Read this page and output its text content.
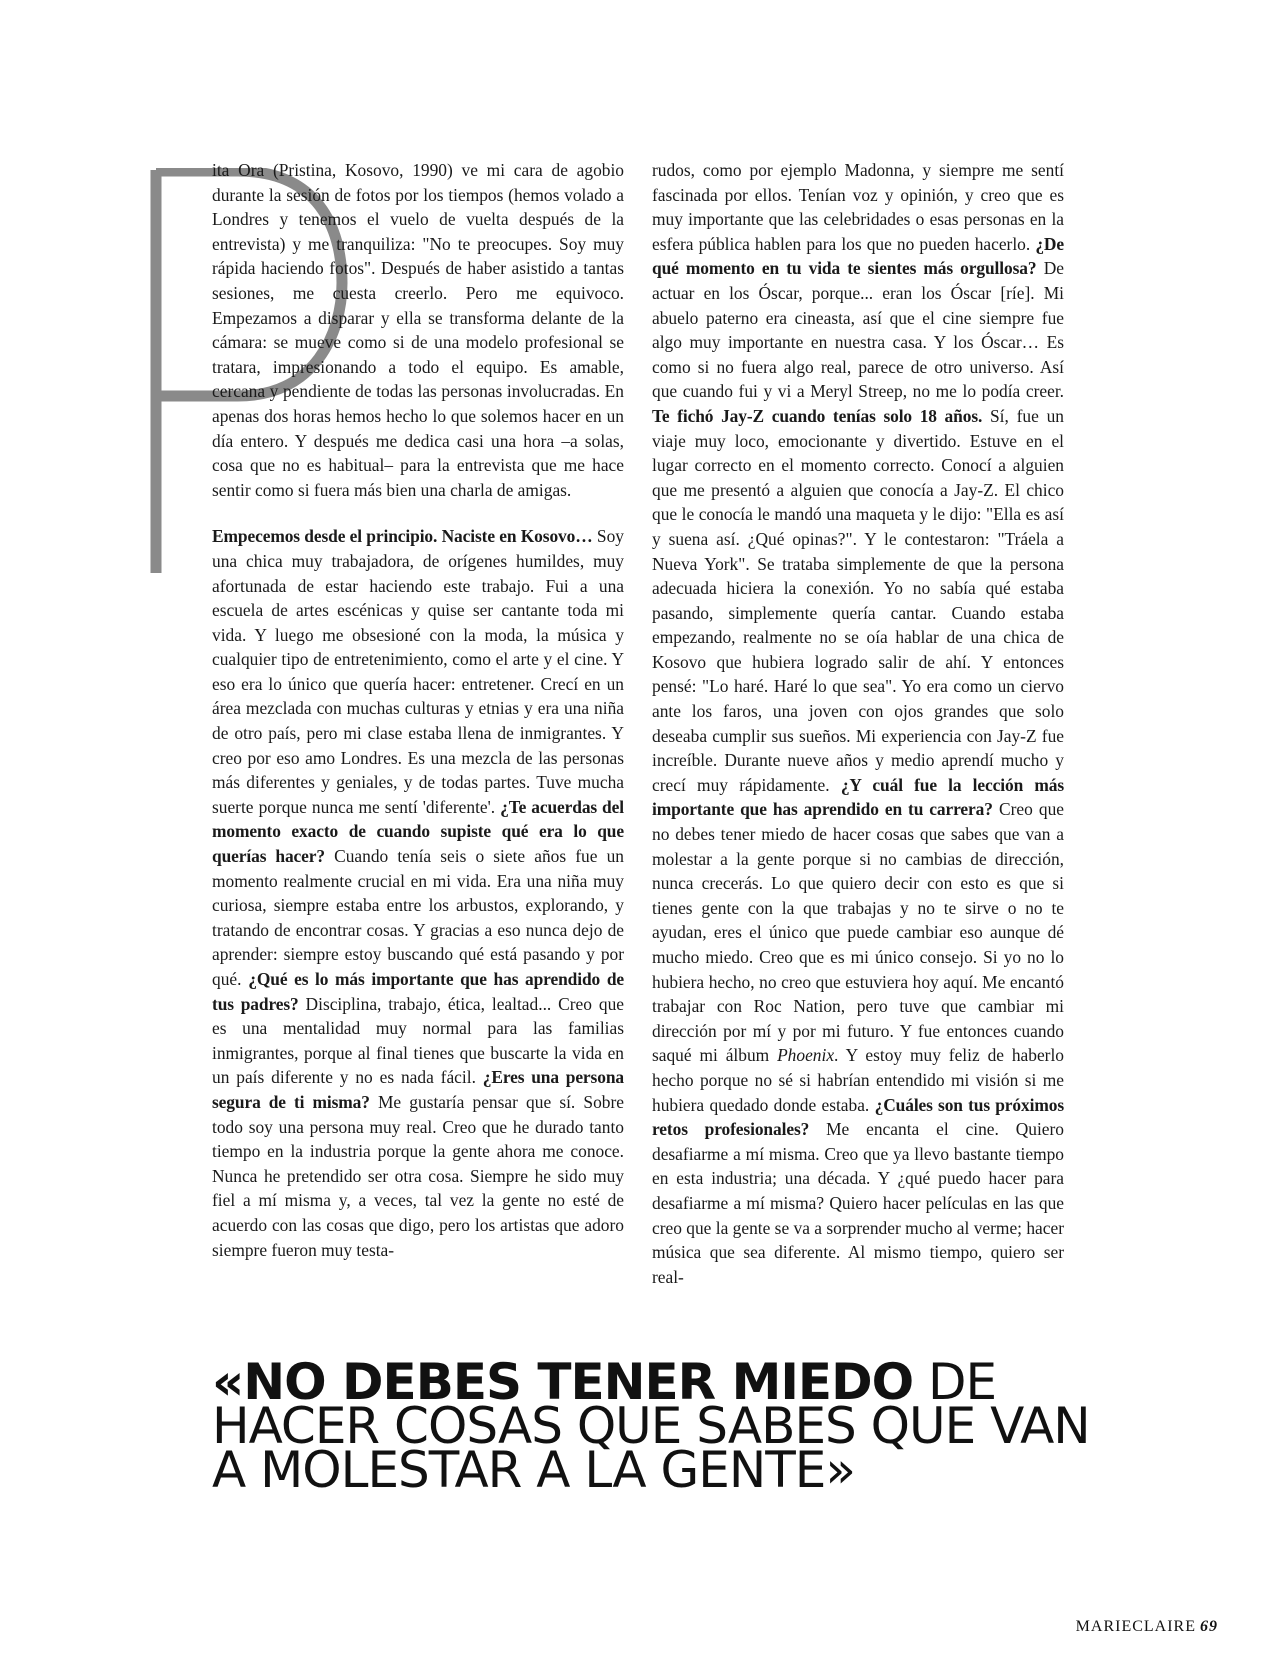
ita Ora (Pristina, Kosovo, 1990) ve mi cara de agobio durante la sesión de fotos por los tiempos (hemos volado a Londres y tenemos el vuelo de vuelta después de la entrevista) y me tranquiliza: "No te preocupes. Soy muy rápida haciendo fotos". Después de haber asistido a tantas sesiones, me cuesta creerlo. Pero me equivoco. Empezamos a disparar y ella se transforma delante de la cámara: se mueve como si de una modelo profesional se tratara, impresionando a todo el equipo. Es amable, cercana y pendiente de todas las personas involucradas. En apenas dos horas hemos hecho lo que solemos hacer en un día entero. Y después me dedica casi una hora –a solas, cosa que no es habitual– para la entrevista que me hace sentir como si fuera más bien una charla de amigas.

Empecemos desde el principio. Naciste en Kosovo… Soy una chica muy trabajadora, de orígenes humildes, muy afortunada de estar haciendo este trabajo. Fui a una escuela de artes escénicas y quise ser cantante toda mi vida. Y luego me obsesioné con la moda, la música y cualquier tipo de entretenimiento, como el arte y el cine. Y eso era lo único que quería hacer: entretener. Crecí en un área mezclada con muchas culturas y etnias y era una niña de otro país, pero mi clase estaba llena de inmigrantes. Y creo por eso amo Londres. Es una mezcla de las personas más diferentes y geniales, y de todas partes. Tuve mucha suerte porque nunca me sentí 'diferente'. ¿Te acuerdas del momento exacto de cuando supiste qué era lo que querías hacer? Cuando tenía seis o siete años fue un momento realmente crucial en mi vida. Era una niña muy curiosa, siempre estaba entre los arbustos, explorando, y tratando de encontrar cosas. Y gracias a eso nunca dejo de aprender: siempre estoy buscando qué está pasando y por qué. ¿Qué es lo más importante que has aprendido de tus padres? Disciplina, trabajo, ética, lealtad... Creo que es una mentalidad muy normal para las familias inmigrantes, porque al final tienes que buscarte la vida en un país diferente y no es nada fácil. ¿Eres una persona segura de ti misma? Me gustaría pensar que sí. Sobre todo soy una persona muy real. Creo que he durado tanto tiempo en la industria porque la gente ahora me conoce. Nunca he pretendido ser otra cosa. Siempre he sido muy fiel a mí misma y, a veces, tal vez la gente no esté de acuerdo con las cosas que digo, pero los artistas que adoro siempre fueron muy testa-

rudos, como por ejemplo Madonna, y siempre me sentí fascinada por ellos. Tenían voz y opinión, y creo que es muy importante que las celebridades o esas personas en la esfera pública hablen para los que no pueden hacerlo. ¿De qué momento en tu vida te sientes más orgullosa? De actuar en los Óscar, porque... eran los Óscar [ríe]. Mi abuelo paterno era cineasta, así que el cine siempre fue algo muy importante en nuestra casa. Y los Óscar… Es como si no fuera algo real, parece de otro universo. Así que cuando fui y vi a Meryl Streep, no me lo podía creer. Te fichó Jay-Z cuando tenías solo 18 años. Sí, fue un viaje muy loco, emocionante y divertido. Estuve en el lugar correcto en el momento correcto. Conocí a alguien que me presentó a alguien que conocía a Jay-Z. El chico que le conocía le mandó una maqueta y le dijo: "Ella es así y suena así. ¿Qué opinas?". Y le contestaron: "Tráela a Nueva York". Se trataba simplemente de que la persona adecuada hiciera la conexión. Yo no sabía qué estaba pasando, simplemente quería cantar. Cuando estaba empezando, realmente no se oía hablar de una chica de Kosovo que hubiera logrado salir de ahí. Y entonces pensé: "Lo haré. Haré lo que sea". Yo era como un ciervo ante los faros, una joven con ojos grandes que solo deseaba cumplir sus sueños. Mi experiencia con Jay-Z fue increíble. Durante nueve años y medio aprendí mucho y crecí muy rápidamente. ¿Y cuál fue la lección más importante que has aprendido en tu carrera? Creo que no debes tener miedo de hacer cosas que sabes que van a molestar a la gente porque si no cambias de dirección, nunca crecerás. Lo que quiero decir con esto es que si tienes gente con la que trabajas y no te sirve o no te ayudan, eres el único que puede cambiar eso aunque dé mucho miedo. Creo que es mi único consejo. Si yo no lo hubiera hecho, no creo que estuviera hoy aquí. Me encantó trabajar con Roc Nation, pero tuve que cambiar mi dirección por mí y por mi futuro. Y fue entonces cuando saqué mi álbum Phoenix. Y estoy muy feliz de haberlo hecho porque no sé si habrían entendido mi visión si me hubiera quedado donde estaba. ¿Cuáles son tus próximos retos profesionales? Me encanta el cine. Quiero desafiarme a mí misma. Creo que ya llevo bastante tiempo en esta industria; una década. Y ¿qué puedo hacer para desafiarme a mí misma? Quiero hacer películas en las que creo que la gente se va a sorprender mucho al verme; hacer música que sea diferente. Al mismo tiempo, quiero ser real-

«NO DEBES TENER MIEDO DE HACER COSAS QUE SABES QUE VAN A MOLESTAR A LA GENTE»
MARIECLAIRE 69
